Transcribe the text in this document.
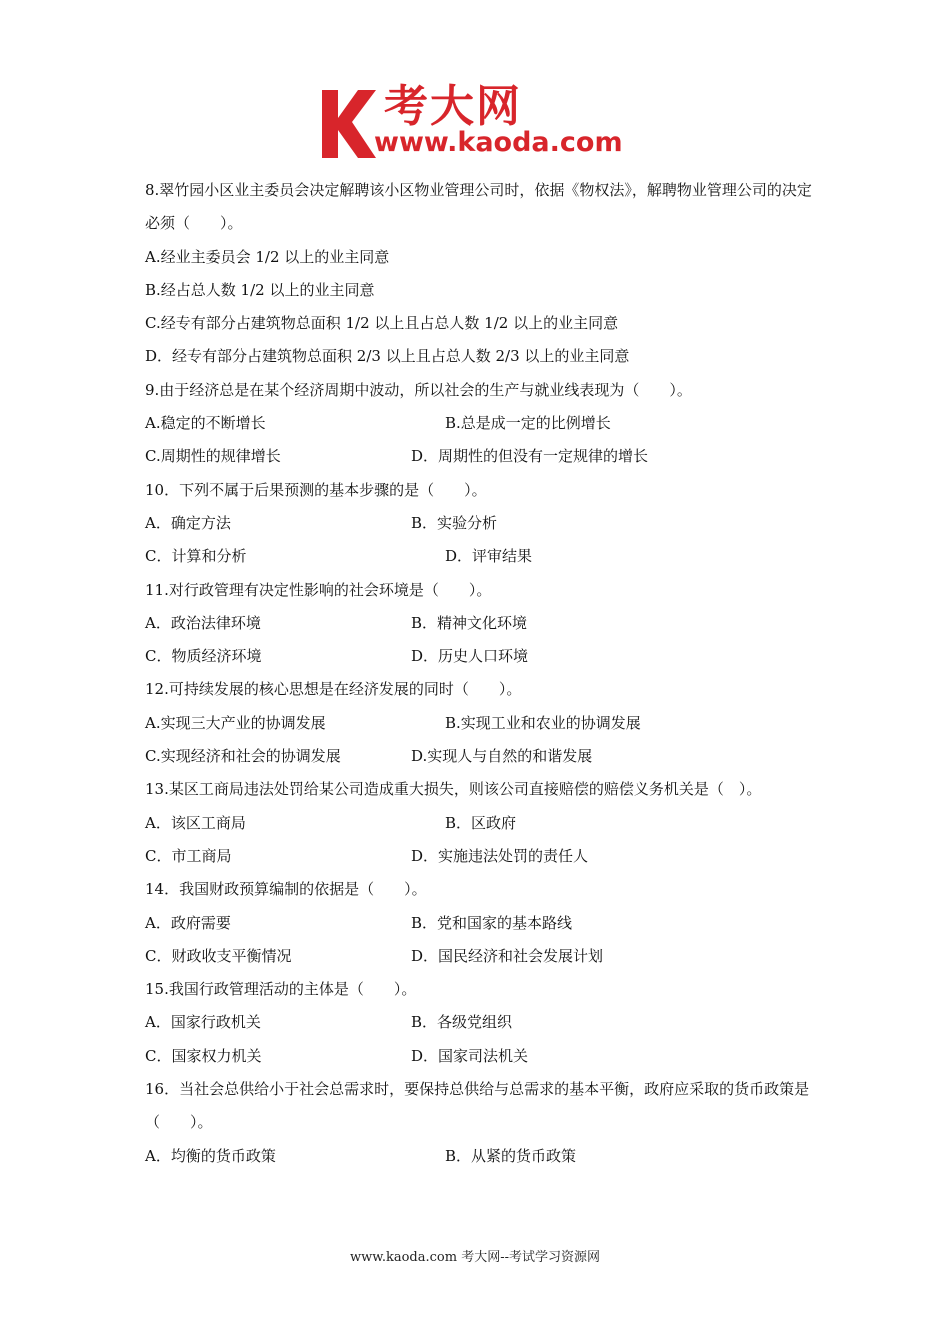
考大网
www.kaoda.com
8.翠竹园小区业主委员会决定解聘该小区物业管理公司时，依据《物权法》，解聘物业管理公司的决定必须（　　）。
A.经业主委员会 1/2 以上的业主同意
B.经占总人数 1/2 以上的业主同意
C.经专有部分占建筑物总面积 1/2 以上且占总人数 1/2 以上的业主同意
D．经专有部分占建筑物总面积 2/3 以上且占总人数 2/3 以上的业主同意
9.由于经济总是在某个经济周期中波动，所以社会的生产与就业线表现为（　　）。
A.稳定的不断增长	B.总是成一定的比例增长
C.周期性的规律增长	D．周期性的但没有一定规律的增长
10．下列不属于后果预测的基本步骤的是（　　）。
A．确定方法	B．实验分析
C．计算和分析	D．评审结果
11.对行政管理有决定性影响的社会环境是（　　）。
A．政治法律环境	B．精神文化环境
C．物质经济环境	D．历史人口环境
12.可持续发展的核心思想是在经济发展的同时（　　）。
A.实现三大产业的协调发展	B.实现工业和农业的协调发展
C.实现经济和社会的协调发展	D.实现人与自然的和谐发展
13.某区工商局违法处罚给某公司造成重大损失，则该公司直接赔偿的赔偿义务机关是（　）。
A．该区工商局	B．区政府
C．市工商局	D．实施违法处罚的责任人
14．我国财政预算编制的依据是（　　）。
A．政府需要	B．党和国家的基本路线
C．财政收支平衡情况	D．国民经济和社会发展计划
15.我国行政管理活动的主体是（　　）。
A．国家行政机关	B．各级党组织
C．国家权力机关	D．国家司法机关
16．当社会总供给小于社会总需求时，要保持总供给与总需求的基本平衡，政府应采取的货币政策是（　　）。
A．均衡的货币政策	B．从紧的货币政策
www.kaoda.com 考大网--考试学习资源网
